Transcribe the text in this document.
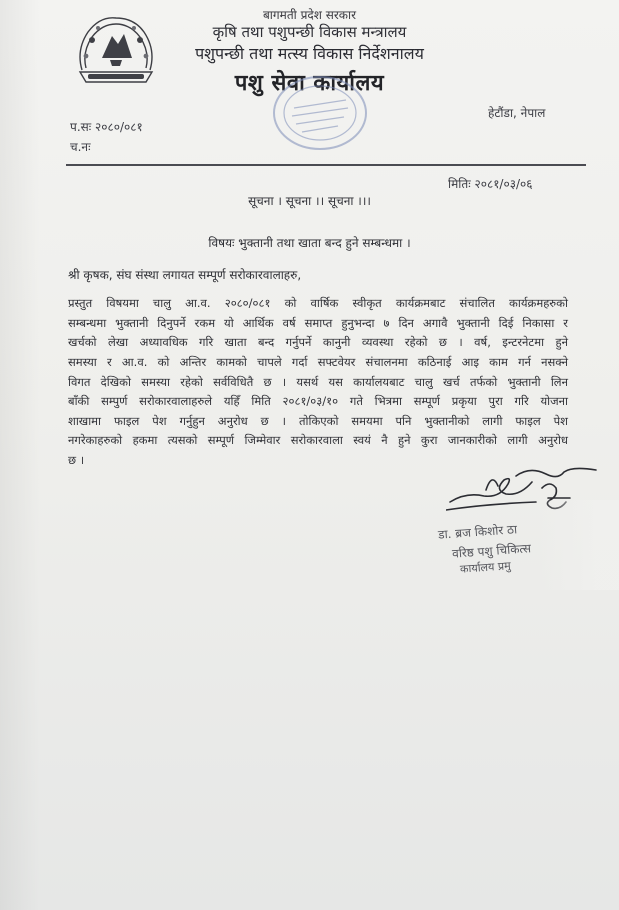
बागमती प्रदेश सरकार
कृषि तथा पशुपन्छी विकास मन्त्रालय
पशुपन्छी तथा मत्स्य विकास निर्देशनालय
पशु सेवा कार्यालय
प.सः २०८०/०८१
च.नः
हेटौंडा, नेपाल
मितिः २०८१/०३/०६
सूचना । सूचना ।। सूचना ।।।
विषयः भुक्तानी तथा खाता बन्द हुने सम्बन्धमा ।
श्री कृषक, संघ संस्था लगायत सम्पूर्ण सरोकारवालाहरु,
प्रस्तुत विषयमा चालु आ.व. २०८०/०८१ को वार्षिक स्वीकृत कार्यक्रमबाट संचालित कार्यक्रमहरुको
सम्बन्धमा भुक्तानी दिनुपर्ने रकम यो आर्थिक वर्ष समाप्त हुनुभन्दा ७ दिन अगावै भुक्तानी दिई निकासा र
खर्चको लेखा अध्यावधिक गरि खाता बन्द गर्नुपर्ने कानुनी व्यवस्था रहेको छ । वर्ष, इन्टरनेटमा हुने
समस्या र आ.व. को अन्तिर कामको चापले गर्दा सफ्टवेयर संचालनमा कठिनाई आइ काम गर्न नसक्ने
विगत देखिको समस्या रहेको सर्वविधितै छ । यसर्थ यस कार्यालयबाट चालु खर्च तर्फको भुक्तानी लिन
बाँकी सम्पुर्ण सरोकारवालाहरुले यहिँ मिति २०८१/०३/१० गते भित्रमा सम्पूर्ण प्रकृया पुरा गरि योजना
शाखामा फाइल पेश गर्नुहुन अनुरोध छ । तोकिएको समयमा पनि भुक्तानीको लागी फाइल पेश
नगरेकाहरुको हकमा त्यसको सम्पूर्ण जिम्मेवार सरोकारवाला स्वयं नै हुने कुरा जानकारीको लागी अनुरोध
छ ।
डा. ब्रज किशोर ठा
वरिष्ठ पशु चिकित्स
कार्यालय प्रमु
